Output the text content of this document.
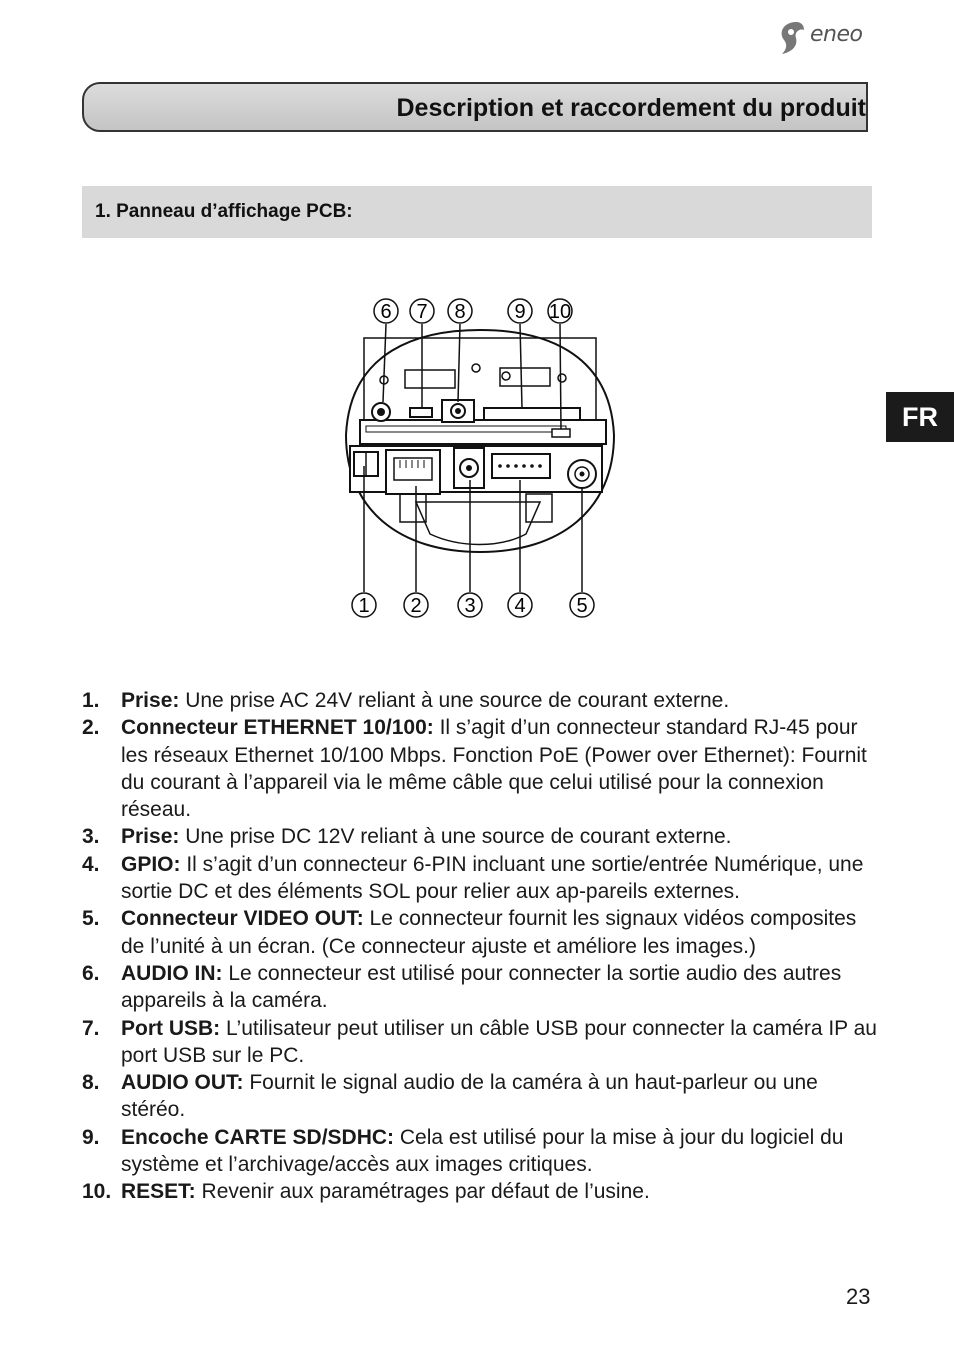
eneo
Description et raccordement du produit
1. Panneau d’affichage PCB:
FR
6 7 8 9 10
1 2 3 4	5
1. Prise: Une prise AC 24V reliant à une source de courant externe.
2. Connecteur ETHERNET 10/100: Il s’agit d’un connecteur standard RJ-45 pour les réseaux Ethernet 10/100 Mbps. Fonction PoE (Power over Ethernet): Fournit du courant à l’appareil via le même câble que celui utilisé pour la connexion réseau.
3. Prise: Une prise DC 12V reliant à une source de courant externe.
4. GPIO: Il s’agit d’un connecteur 6-PIN incluant une sortie/entrée Numérique, une sortie DC et des éléments SOL pour relier aux ap-pareils externes.
5. Connecteur VIDEO OUT: Le connecteur fournit les signaux vidéos composites de l’unité à un écran. (Ce connecteur ajuste et améliore les images.)
6. AUDIO IN: Le connecteur est utilisé pour connecter la sortie audio des autres appareils à la caméra.
7. Port USB: L’utilisateur peut utiliser un câble USB pour connecter la caméra IP au port USB sur le PC.
8. AUDIO OUT: Fournit le signal audio de la caméra à un haut-parleur ou une stéréo.
9. Encoche CARTE SD/SDHC: Cela est utilisé pour la mise à jour du logiciel du système et l’archivage/accès aux images critiques.
10. RESET: Revenir aux paramétrages par défaut de l’usine.
23
